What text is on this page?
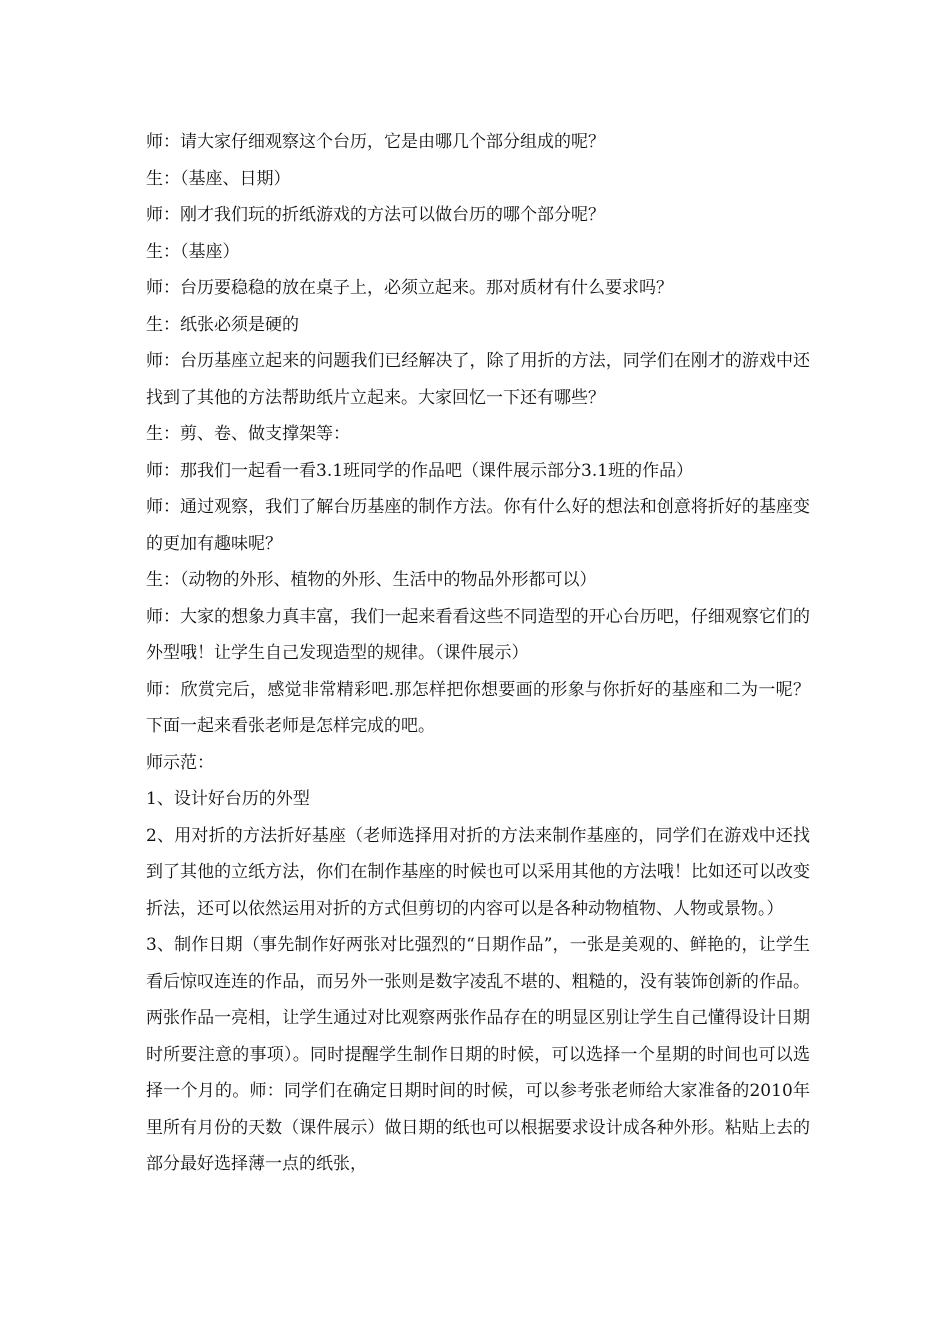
师：请大家仔细观察这个台历，它是由哪几个部分组成的呢？

生：（基座、日期）

师：刚才我们玩的折纸游戏的方法可以做台历的哪个部分呢？

生：（基座）

师：台历要稳稳的放在桌子上，必须立起来。那对质材有什么要求吗？

生：纸张必须是硬的

师：台历基座立起来的问题我们已经解决了，除了用折的方法，同学们在刚才的游戏中还找到了其他的方法帮助纸片立起来。大家回忆一下还有哪些？

生：剪、卷、做支撑架等：

师：那我们一起看一看3.1班同学的作品吧（课件展示部分3.1班的作品）

师：通过观察，我们了解台历基座的制作方法。你有什么好的想法和创意将折好的基座变的更加有趣味呢？

生：（动物的外形、植物的外形、生活中的物品外形都可以）

师：大家的想象力真丰富，我们一起来看看这些不同造型的开心台历吧，仔细观察它们的外型哦！让学生自己发现造型的规律。（课件展示）

师：欣赏完后，感觉非常精彩吧.那怎样把你想要画的形象与你折好的基座和二为一呢？下面一起来看张老师是怎样完成的吧。

师示范：

1、设计好台历的外型

2、用对折的方法折好基座（老师选择用对折的方法来制作基座的，同学们在游戏中还找到了其他的立纸方法，你们在制作基座的时候也可以采用其他的方法哦！比如还可以改变折法，还可以依然运用对折的方式但剪切的内容可以是各种动物植物、人物或景物。）

3、制作日期（事先制作好两张对比强烈的“日期作品”，一张是美观的、鲜艳的，让学生看后惊叹连连的作品，而另外一张则是数字凌乱不堪的、粗糙的，没有装饰创新的作品。两张作品一亮相，让学生通过对比观察两张作品存在的明显区别让学生自己懂得设计日期时所要注意的事项）。同时提醒学生制作日期的时候，可以选择一个星期的时间也可以选择一个月的。师：同学们在确定日期时间的时候，可以参考张老师给大家准备的2010年里所有月份的天数（课件展示）做日期的纸也可以根据要求设计成各种外形。粘贴上去的部分最好选择薄一点的纸张，
